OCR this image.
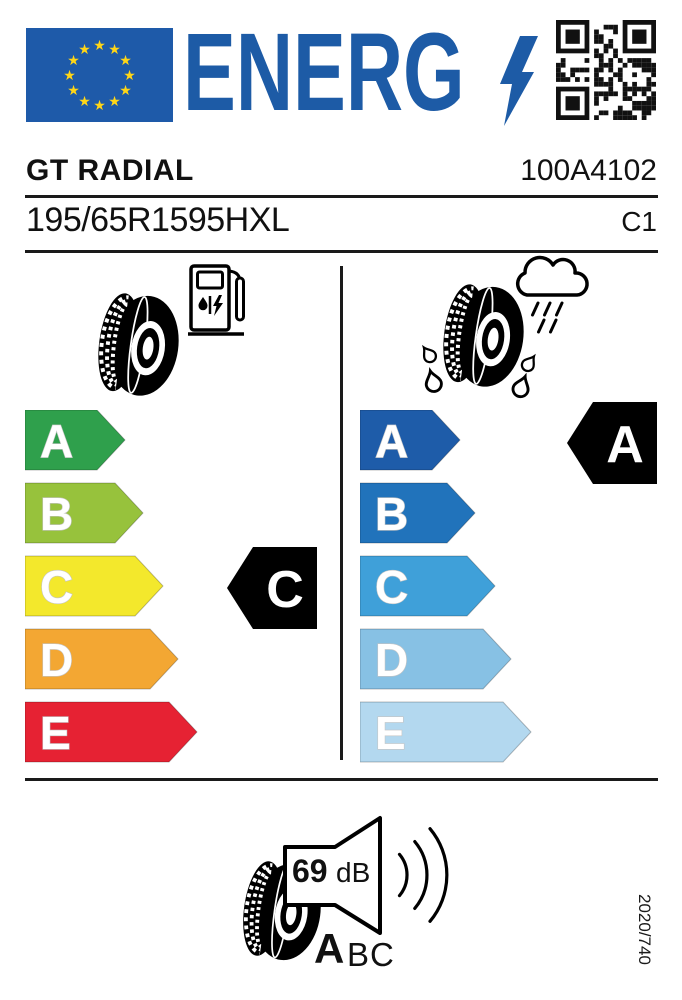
★ ★
★
★
★
★
★
★
★
★
★
★ ENERG
GT RADIAL	100A4102
195/65R1595HXL	C1
A
B
C
D
E
A
B
C
D
E
C
A
69 dB
A BC	2020/740
